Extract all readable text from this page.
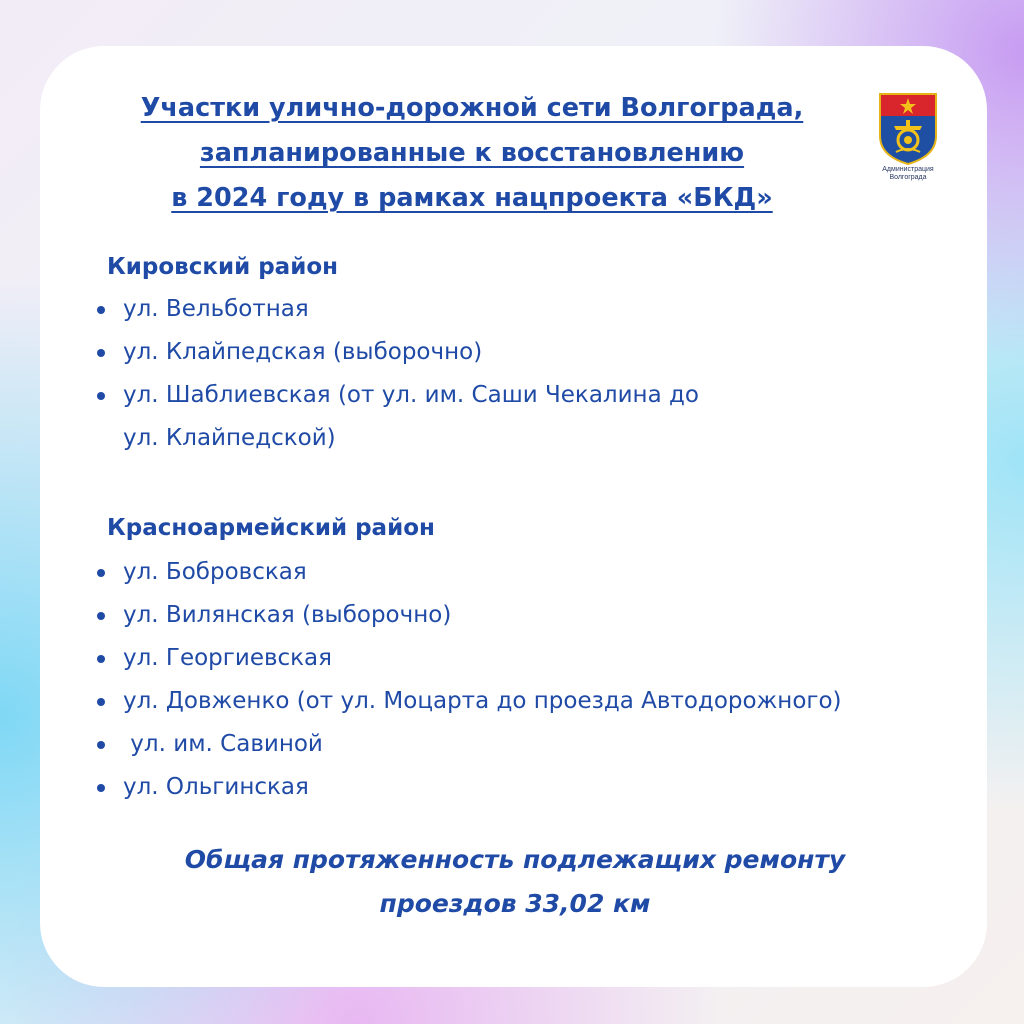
Участки улично-дорожной сети Волгограда,
запланированные к восстановлению
в 2024 году в рамках нацпроекта «БКД»
Администрация
Волгограда
Кировский район
ул. Вельботная
ул. Клайпедская (выборочно)
ул. Шаблиевская (от ул. им. Саши Чекалина до
ул. Клайпедской)
Красноармейский район
ул. Бобровская
ул. Вилянская (выборочно)
ул. Георгиевская
ул. Довженко (от ул. Моцарта до проезда Автодорожного)
ул. им. Савиной
ул. Ольгинская
Общая протяженность подлежащих ремонту
проездов 33,02 км
